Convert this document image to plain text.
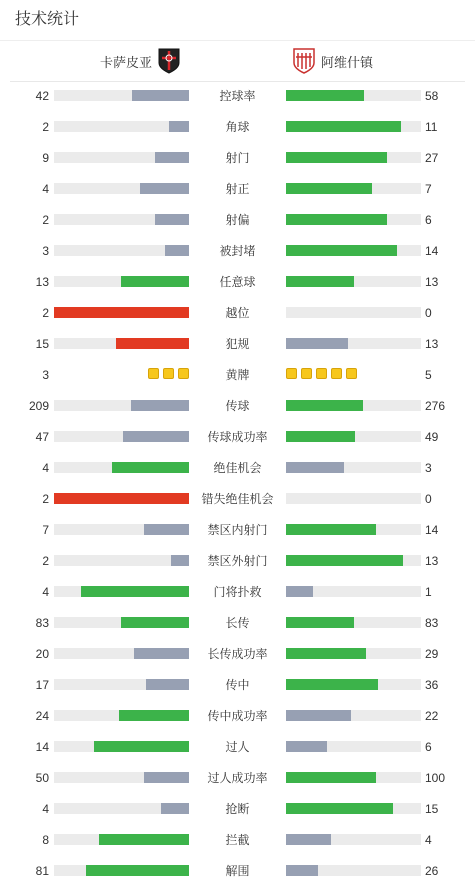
技术统计
卡萨皮亚	阿维什镇
42	控球率	58
2	角球	11
9	射门	27
4	射正	7
2	射偏	6
3	被封堵	14
13	任意球	13
2	越位	0
15	犯规	13
3	黄牌	5
209	传球	276
47	传球成功率	49
4	绝佳机会	3
2	错失绝佳机会	0
7	禁区内射门	14
2	禁区外射门	13
4	门将扑救	1
83	长传	83
20	长传成功率	29
17	传中	36
24	传中成功率	22
14	过人	6
50	过人成功率	100
4	抢断	15
8	拦截	4
81	解围	26
